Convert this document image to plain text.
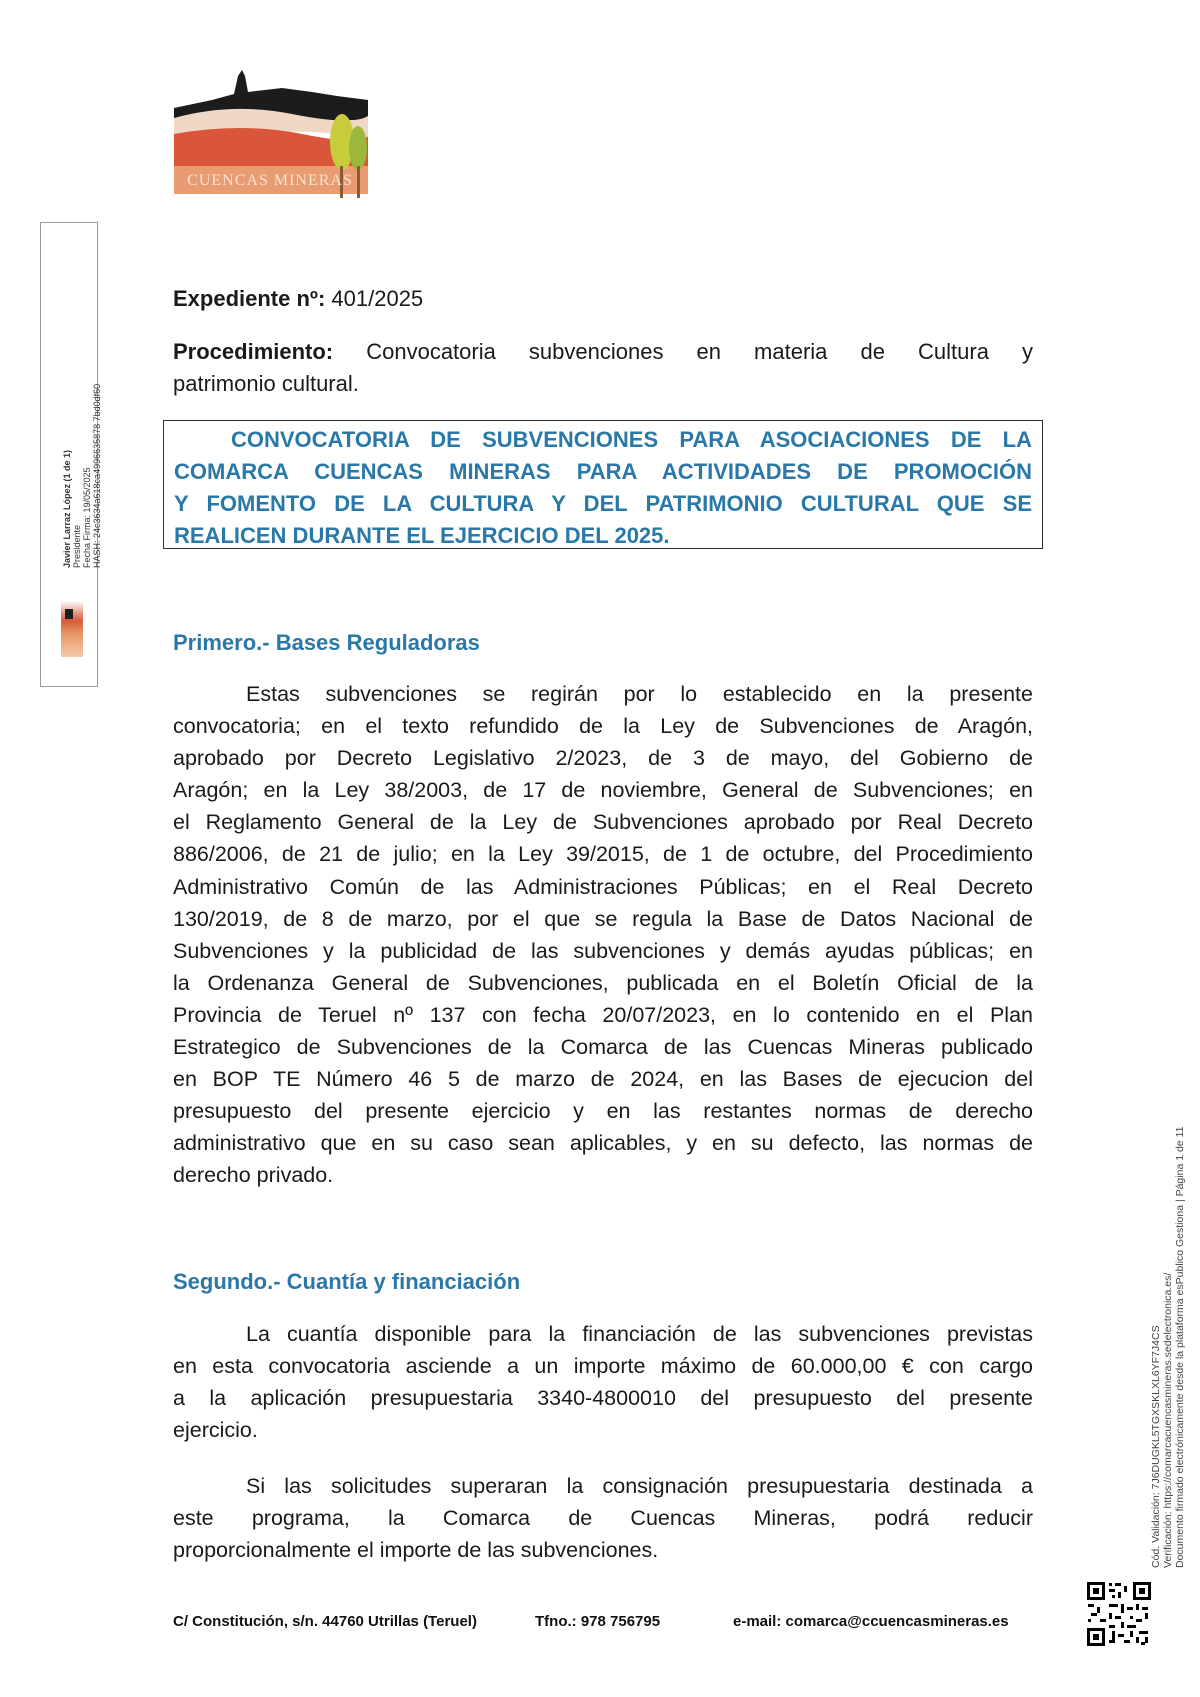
CUENCAS MINERAS
Javier Larraz López (1 de 1) Presidente Fecha Firma: 19/05/2025 HASH: 24c3634a618ca4996635878 7bd0df60
Expediente nº: 401/2025
Procedimiento: Convocatoria subvenciones en materia de Cultura y
patrimonio cultural.
CONVOCATORIA DE SUBVENCIONES PARA ASOCIACIONES DE LA
COMARCA CUENCAS MINERAS PARA ACTIVIDADES DE PROMOCIÓN
Y FOMENTO DE LA CULTURA Y DEL PATRIMONIO CULTURAL QUE SE
REALICEN DURANTE EL EJERCICIO DEL 2025.
Primero.- Bases Reguladoras
Estas subvenciones se regirán por lo establecido en la presente
convocatoria; en el texto refundido de la Ley de Subvenciones de Aragón,
aprobado por Decreto Legislativo 2/2023, de 3 de mayo, del Gobierno de
Aragón; en la Ley 38/2003, de 17 de noviembre, General de Subvenciones; en
el Reglamento General de la Ley de Subvenciones aprobado por Real Decreto
886/2006, de 21 de julio; en la Ley 39/2015, de 1 de octubre, del Procedimiento
Administrativo Común de las Administraciones Públicas; en el Real Decreto
130/2019, de 8 de marzo, por el que se regula la Base de Datos Nacional de
Subvenciones y la publicidad de las subvenciones y demás ayudas públicas; en
la Ordenanza General de Subvenciones, publicada en el Boletín Oficial de la
Provincia de Teruel nº 137 con fecha 20/07/2023, en lo contenido en el Plan
Estrategico de Subvenciones de la Comarca de las Cuencas Mineras publicado
en BOP TE Número 46 5 de marzo de 2024, en las Bases de ejecucion del
presupuesto del presente ejercicio y en las restantes normas de derecho
administrativo que en su caso sean aplicables, y en su defecto, las normas de
derecho privado.
Segundo.- Cuantía y financiación
La cuantía disponible para la financiación de las subvenciones previstas
en esta convocatoria asciende a un importe máximo de 60.000,00 € con cargo
a la aplicación presupuestaria 3340-4800010 del presupuesto del presente
ejercicio.
Si las solicitudes superaran la consignación presupuestaria destinada a
este programa, la Comarca de Cuencas Mineras, podrá reducir
proporcionalmente el importe de las subvenciones.
C/ Constitución, s/n. 44760 Utrillas (Teruel)	Tfno.: 978 756795	e-mail: comarca@ccuencasmineras.es
Cód. Validación: 7J6DUGKL5TGXSKLXL6YF7J4CS Verificación: https://comarcacuencasmineras.sedelectronica.es/ Documento firmado electrónicamente desde la plataforma esPublico Gestiona | Página 1 de 11
